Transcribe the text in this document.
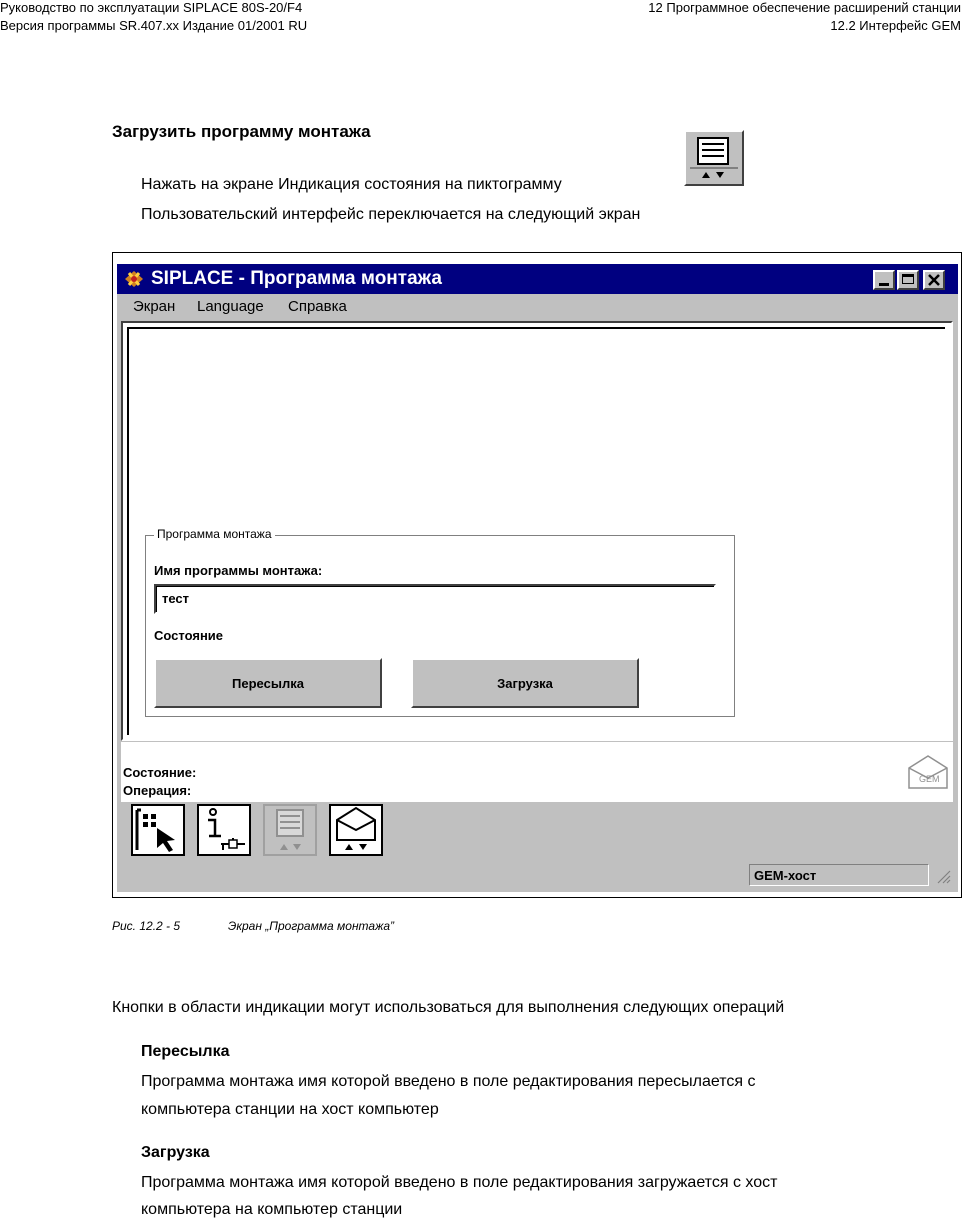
Руководство по эксплуатации SIPLACE 80S-20/F4
Версия программы SR.407.xx Издание 01/2001 RU
12 Программное обеспечение расширений станции
12.2 Интерфейс GEM
Загрузить программу монтажа
Нажать на экране Индикация состояния на пиктограмму
Пользовательский интерфейс переключается на следующий экран
SIPLACE - Программа монтажа
Экран Language Справка
Программа монтажа
Имя программы монтажа:
тест
Состояние
Пересылка	Загрузка
Состояние:
Операция:
GEM
GEM-хост
Рис. 12.2 - 5	Экран „Программа монтажа”
Кнопки в области индикации могут использоваться для выполнения следующих операций
Пересылка
Программа монтажа имя которой введено в поле редактирования пересылается с
компьютера станции на хост компьютер
Загрузка
Программа монтажа имя которой введено в поле редактирования загружается с хост
компьютера на компьютер станции
